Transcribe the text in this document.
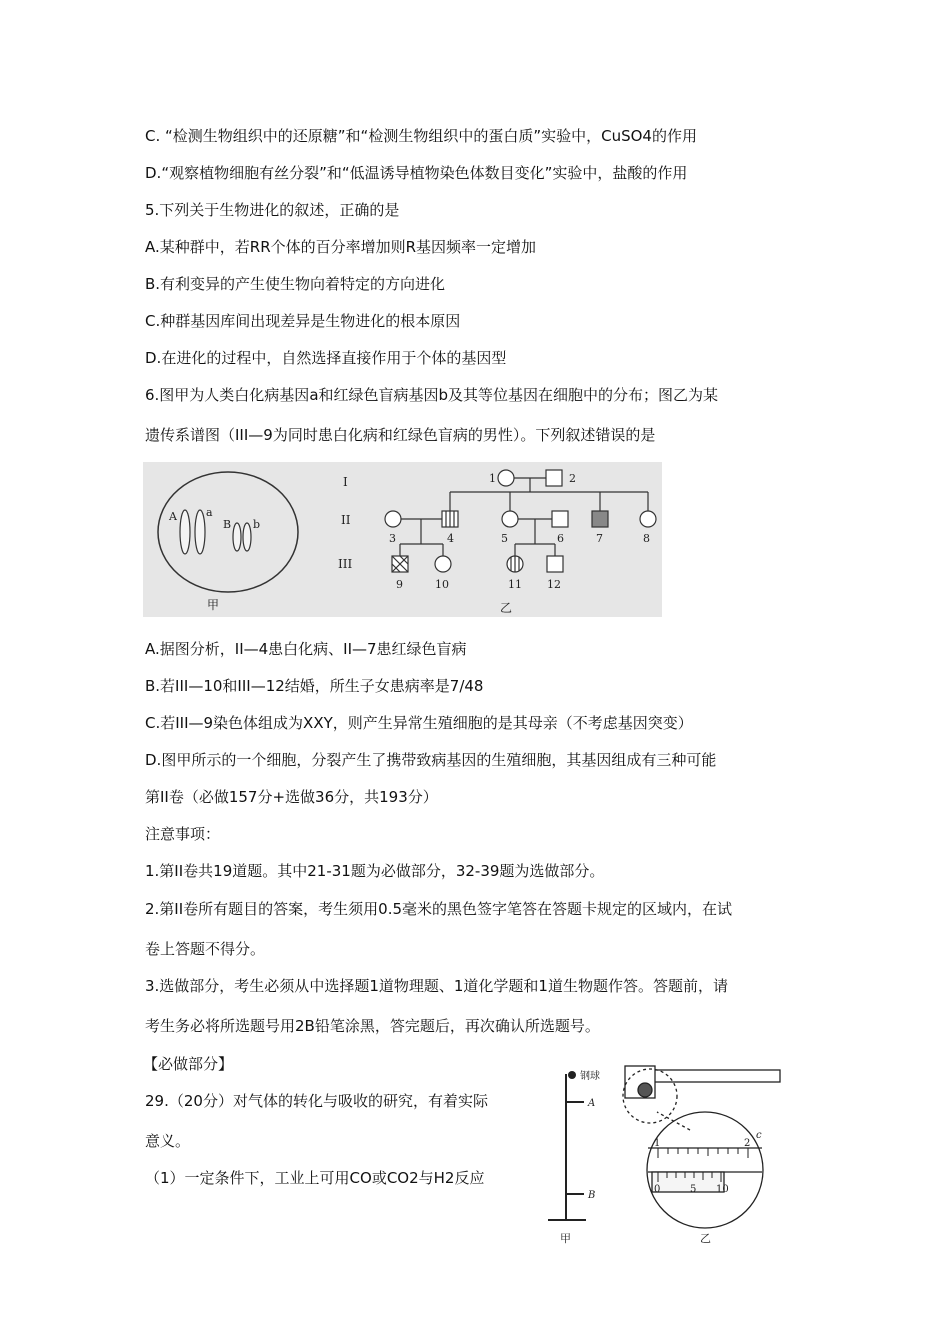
C. “检测生物组织中的还原糖”和“检测生物组织中的蛋白质”实验中，CuSO4的作用
D.“观察植物细胞有丝分裂”和“低温诱导植物染色体数目变化”实验中，盐酸的作用
5.下列关于生物进化的叙述，正确的是
A.某种群中，若RR个体的百分率增加则R基因频率一定增加
B.有利变异的产生使生物向着特定的方向进化
C.种群基因库间出现差异是生物进化的根本原因
D.在进化的过程中，自然选择直接作用于个体的基因型
6.图甲为人类白化病基因a和红绿色盲病基因b及其等位基因在细胞中的分布；图乙为某
遗传系谱图（III—9为同时患白化病和红绿色盲病的男性）。下列叙述错误的是
A	a
B b
甲
I
II
III
1	2
3	4	5	6	7	8
9	10	11 12
乙
A.据图分析，II—4患白化病、II—7患红绿色盲病
B.若III—10和III—12结婚，所生子女患病率是7/48
C.若III—9染色体组成为XXY，则产生异常生殖细胞的是其母亲（不考虑基因突变）
D.图甲所示的一个细胞，分裂产生了携带致病基因的生殖细胞，其基因组成有三种可能
第II卷（必做157分+选做36分，共193分）
注意事项：
1.第II卷共19道题。其中21-31题为必做部分，32-39题为选做部分。
2.第II卷所有题目的答案，考生须用0.5毫米的黑色签字笔答在答题卡规定的区域内，在试
卷上答题不得分。
3.选做部分，考生必须从中选择题1道物理题、1道化学题和1道生物题作答。答题前，请
考生务必将所选题号用2B铅笔涂黑，答完题后，再次确认所选题号。
【必做部分】
29.（20分）对气体的转化与吸收的研究，有着实际
意义。
（1）一定条件下，工业上可用CO或CO2与H2反应
钢球
A
B
甲
1	2
10
0	5
c
乙
